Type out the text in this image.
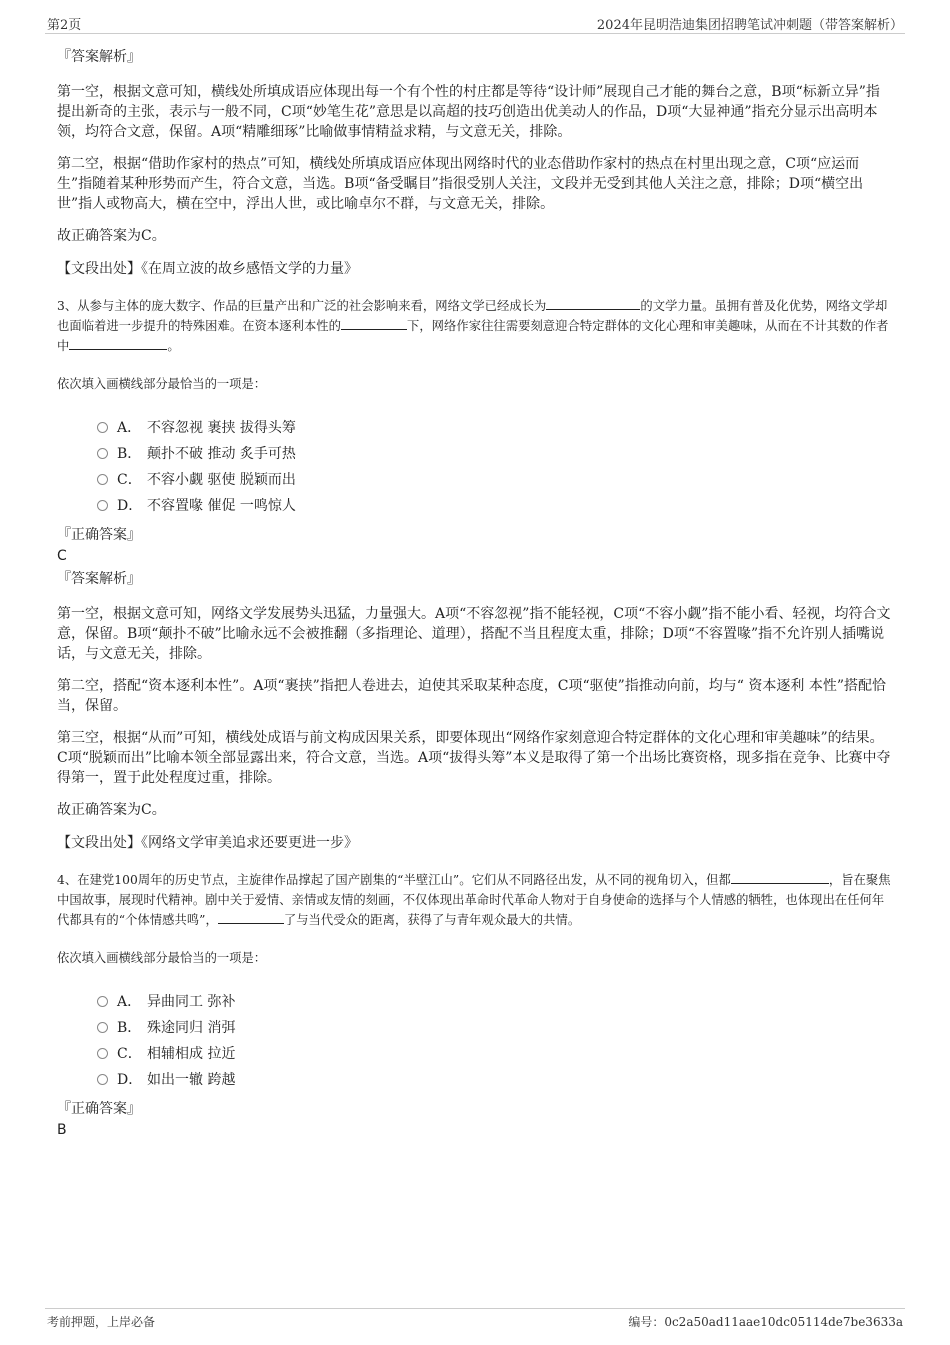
第2页	2024年昆明浩迪集团招聘笔试冲刺题（带答案解析）
『答案解析』

第一空，根据文意可知，横线处所填成语应体现出每一个有个性的村庄都是等待“设计师”展现自己才能的舞台之意，B项“标新立异”指提出新奇的主张，表示与一般不同，C项“妙笔生花”意思是以高超的技巧创造出优美动人的作品，D项“大显神通”指充分显示出高明本领，均符合文意，保留。A项“精雕细琢”比喻做事情精益求精，与文意无关，排除。

第二空，根据“借助作家村的热点”可知，横线处所填成语应体现出网络时代的业态借助作家村的热点在村里出现之意，C项“应运而生”指随着某种形势而产生，符合文意，当选。B项“备受瞩目”指很受别人关注，文段并无受到其他人关注之意，排除；D项“横空出世”指人或物高大，横在空中，浮出人世，或比喻卓尔不群，与文意无关，排除。

故正确答案为C。

【文段出处】《在周立波的故乡感悟文学的力量》

3、从参与主体的庞大数字、作品的巨量产出和广泛的社会影响来看，网络文学已经成长为	的文学力量。虽拥有普及化优势，网络文学却也面临着进一步提升的特殊困难。在资本逐利本性的	下，网络作家往往需要刻意迎合特定群体的文化心理和审美趣味，从而在不计其数的作者中	。

依次填入画横线部分最恰当的一项是：

A． 不容忽视 裹挟 拔得头筹
B． 颠扑不破 推动 炙手可热
C． 不容小觑 驱使 脱颖而出
D． 不容置喙 催促 一鸣惊人
『正确答案』
C
『答案解析』

第一空，根据文意可知，网络文学发展势头迅猛，力量强大。A项“不容忽视”指不能轻视，C项“不容小觑”指不能小看、轻视，均符合文意，保留。B项“颠扑不破”比喻永远不会被推翻（多指理论、道理），搭配不当且程度太重，排除；D项“不容置喙”指不允许别人插嘴说话，与文意无关，排除。

第二空，搭配“资本逐利本性”。A项“裹挟”指把人卷进去，迫使其采取某种态度，C项“驱使”指推动向前，均与“ 资本逐利 本性”搭配恰当，保留。

第三空，根据“从而”可知，横线处成语与前文构成因果关系，即要体现出“网络作家刻意迎合特定群体的文化心理和审美趣味”的结果。C项“脱颖而出”比喻本领全部显露出来，符合文意，当选。A项“拔得头筹”本义是取得了第一个出场比赛资格，现多指在竞争、比赛中夺得第一，置于此处程度过重，排除。

故正确答案为C。

【文段出处】《网络文学审美追求还要更进一步》

4、在建党100周年的历史节点，主旋律作品撑起了国产剧集的“半壁江山”。它们从不同路径出发，从不同的视角切入，但都	，旨在聚焦中国故事，展现时代精神。剧中关于爱情、亲情或友情的刻画，不仅体现出革命时代革命人物对于自身使命的选择与个人情感的牺牲，也体现出在任何年代都具有的“个体情感共鸣”，	了与当代受众的距离，获得了与青年观众最大的共情。

依次填入画横线部分最恰当的一项是：

A． 异曲同工 弥补
B． 殊途同归 消弭
C． 相辅相成 拉近
D． 如出一辙 跨越
『正确答案』
B
考前押题，上岸必备	编号：0c2a50ad11aae10dc05114de7be3633a
